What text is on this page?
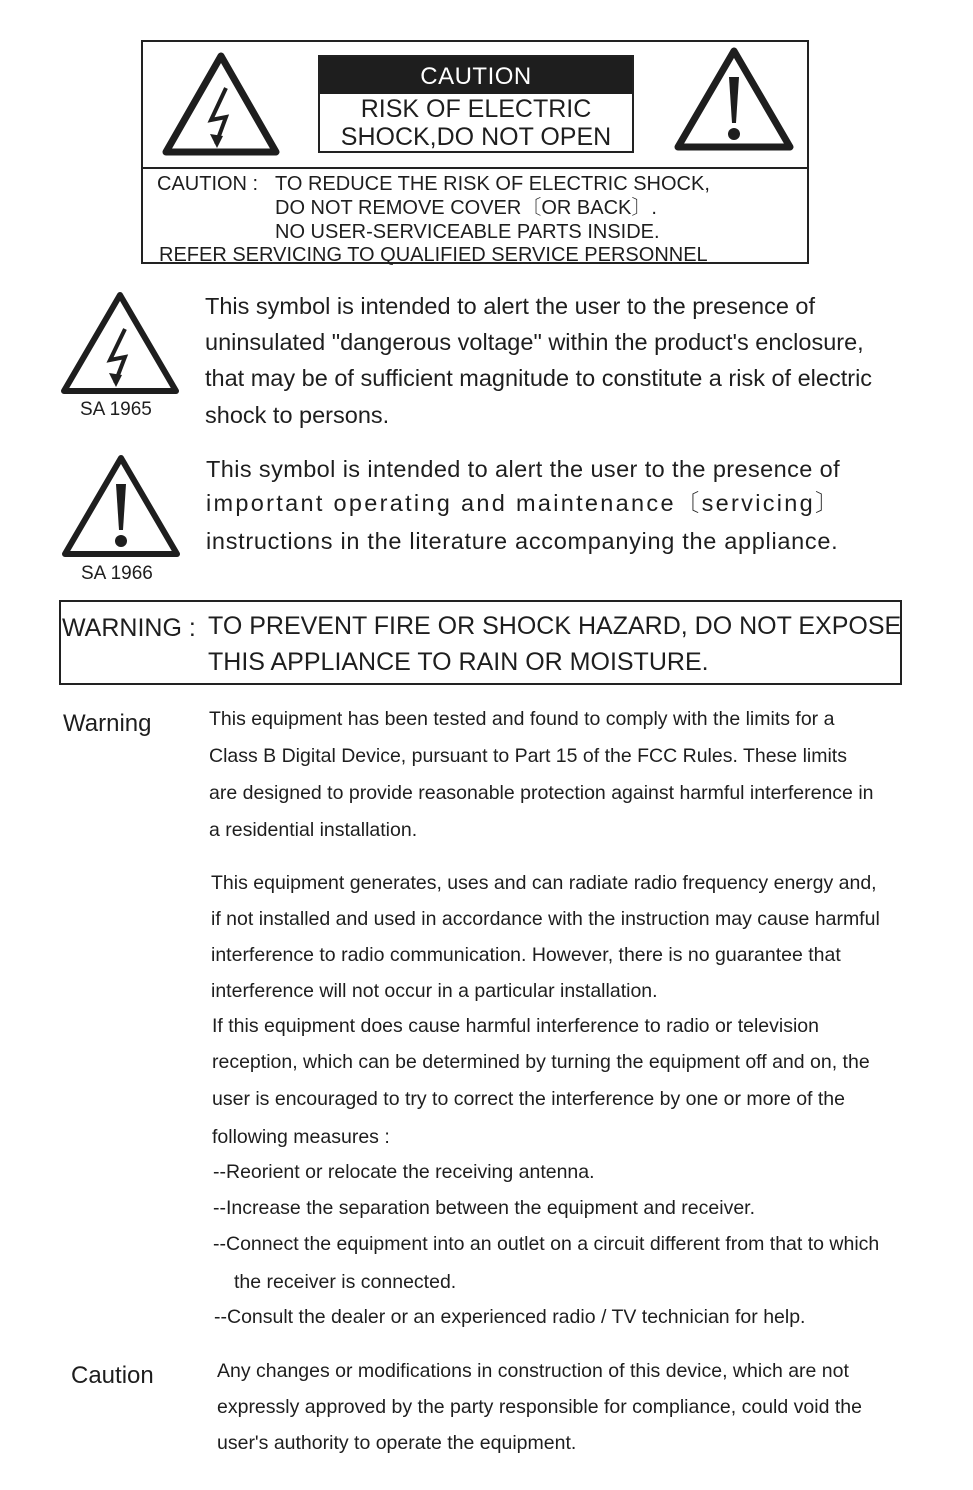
CAUTION
RISK OF ELECTRIC
SHOCK,DO NOT OPEN
CAUTION : TO REDUCE THE RISK OF ELECTRIC SHOCK,
DO NOT REMOVE COVER〔OR BACK〕.
NO USER-SERVICEABLE PARTS INSIDE.
REFER SERVICING TO QUALIFIED SERVICE PERSONNEL
SA 1965
This symbol is intended to alert the user to the presence of
uninsulated "dangerous voltage" within the product's enclosure,
that may be of sufficient magnitude to constitute a risk of electric
shock to persons.
SA 1966
This symbol is intended to alert the user to the presence of
important operating and maintenance〔servicing〕
instructions in the literature accompanying the appliance.
WARNING : TO PREVENT FIRE OR SHOCK HAZARD, DO NOT EXPOSE
THIS APPLIANCE TO RAIN OR MOISTURE.
Warning	This equipment has been tested and found to comply with the limits for a
Class B Digital Device, pursuant to Part 15 of the FCC Rules. These limits
are designed to provide reasonable protection against harmful interference in
a residential installation.
This equipment generates, uses and can radiate radio frequency energy and,
if not installed and used in accordance with the instruction may cause harmful
interference to radio communication. However, there is no guarantee that
interference will not occur in a particular installation.
If this equipment does cause harmful interference to radio or television
reception, which can be determined by turning the equipment off and on, the
user is encouraged to try to correct the interference by one or more of the
following measures :
--Reorient or relocate the receiving antenna.
--Increase the separation between the equipment and receiver.
--Connect the equipment into an outlet on a circuit different from that to which
the receiver is connected.
--Consult the dealer or an experienced radio / TV technician for help.
Caution	Any changes or modifications in construction of this device, which are not
expressly approved by the party responsible for compliance, could void the
user's authority to operate the equipment.
